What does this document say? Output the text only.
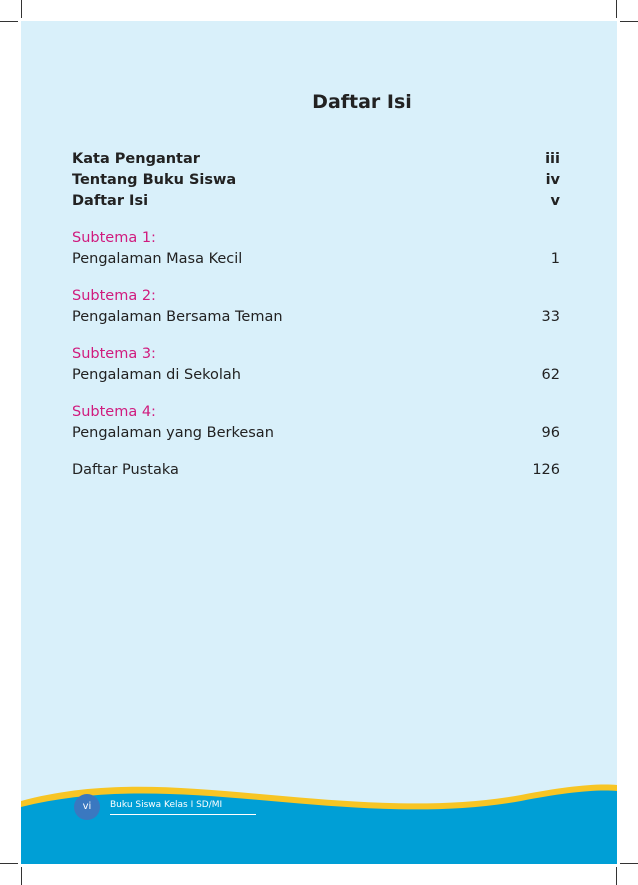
Daftar Isi
Kata Pengantar	iii
Tentang Buku Siswa	iv
Daftar Isi	v
Subtema 1:
Pengalaman Masa Kecil	1
Subtema 2:
Pengalaman Bersama Teman	33
Subtema 3:
Pengalaman di Sekolah	62
Subtema 4:
Pengalaman yang Berkesan	96
Daftar Pustaka	126
vi	Buku Siswa Kelas I SD/MI
